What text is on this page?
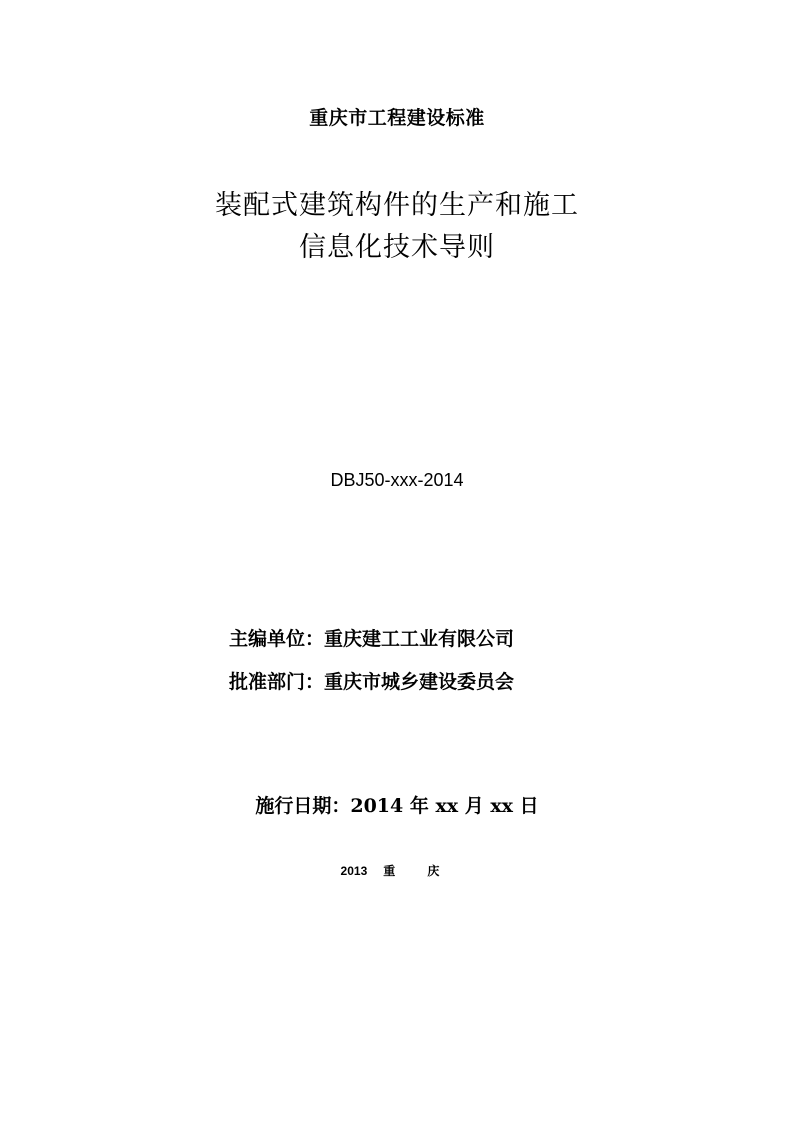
重庆市工程建设标准
装配式建筑构件的生产和施工
信息化技术导则
DBJ50-xxx-2014
主编单位：重庆建工工业有限公司
批准部门：重庆市城乡建设委员会
施行日期：2014 年 xx 月 xx 日
2013 重 庆
